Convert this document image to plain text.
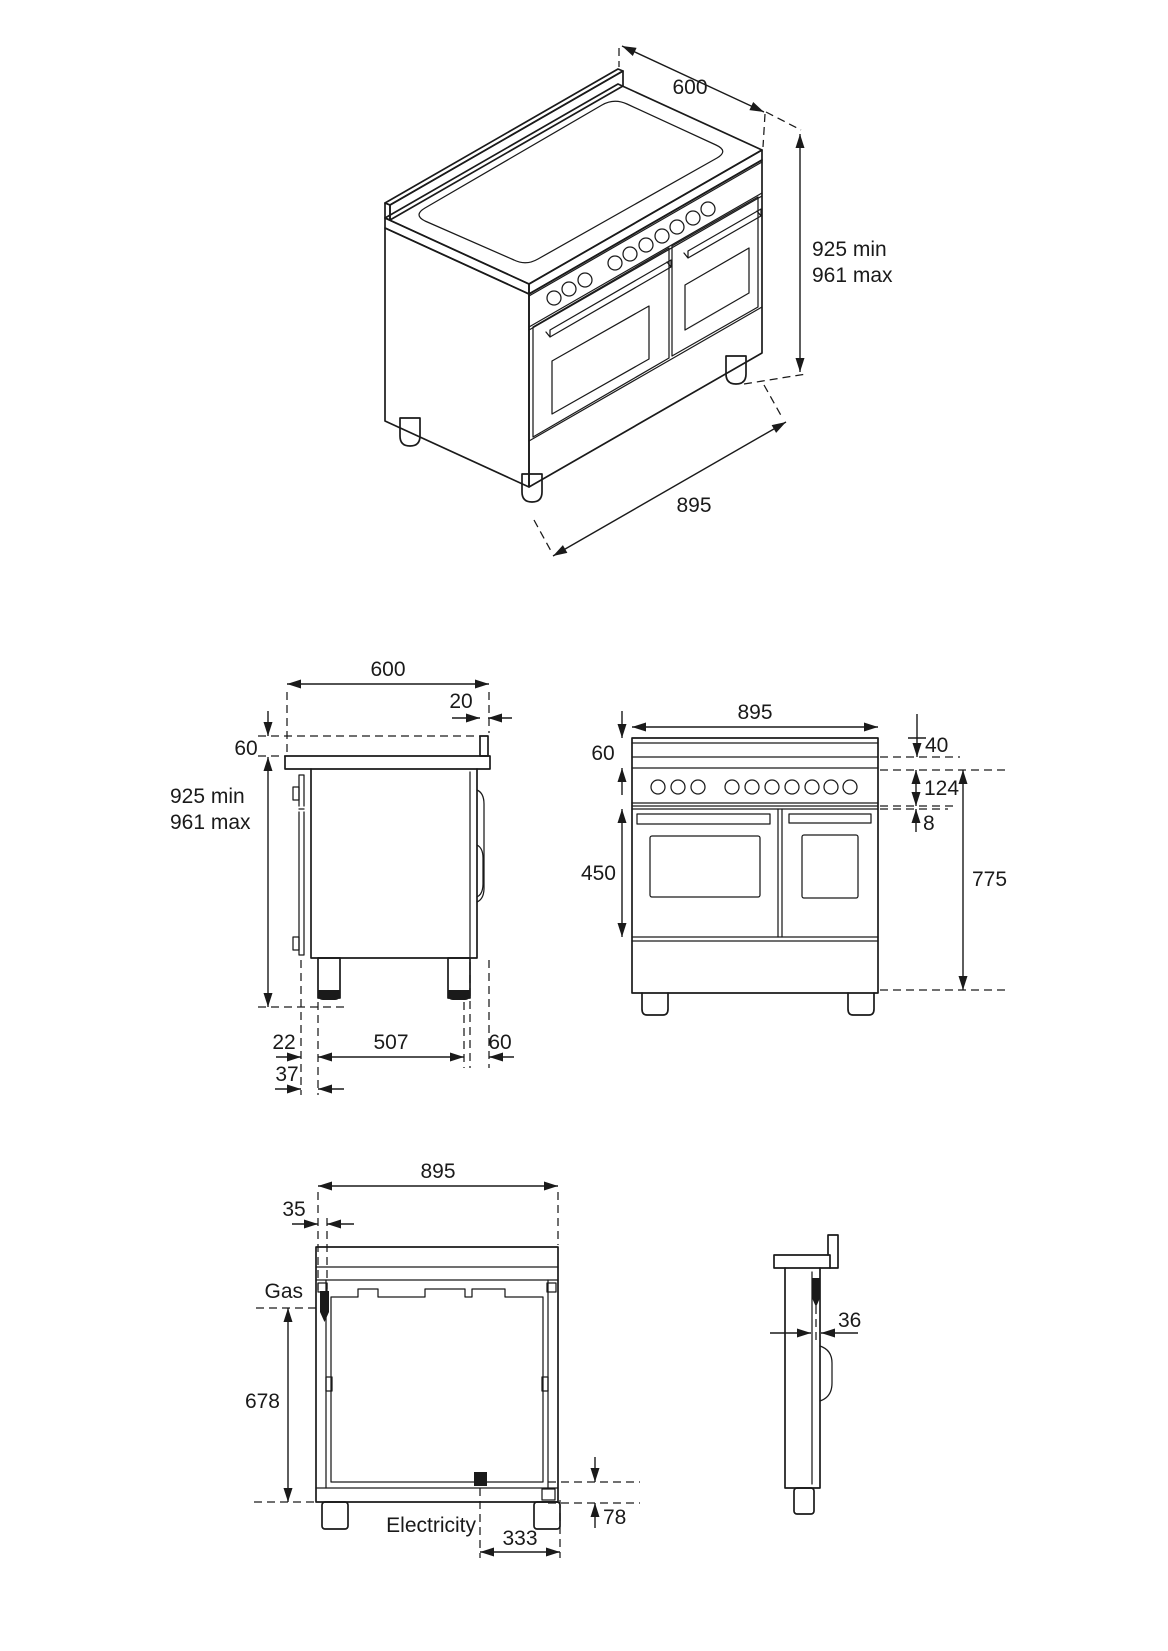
600
925 min
961 max
895
600
20
60
925 min
961 max
22	507	60
37
895
60
450
40
124
8
775
895
35
Gas
678
Electricity
333
78
36
